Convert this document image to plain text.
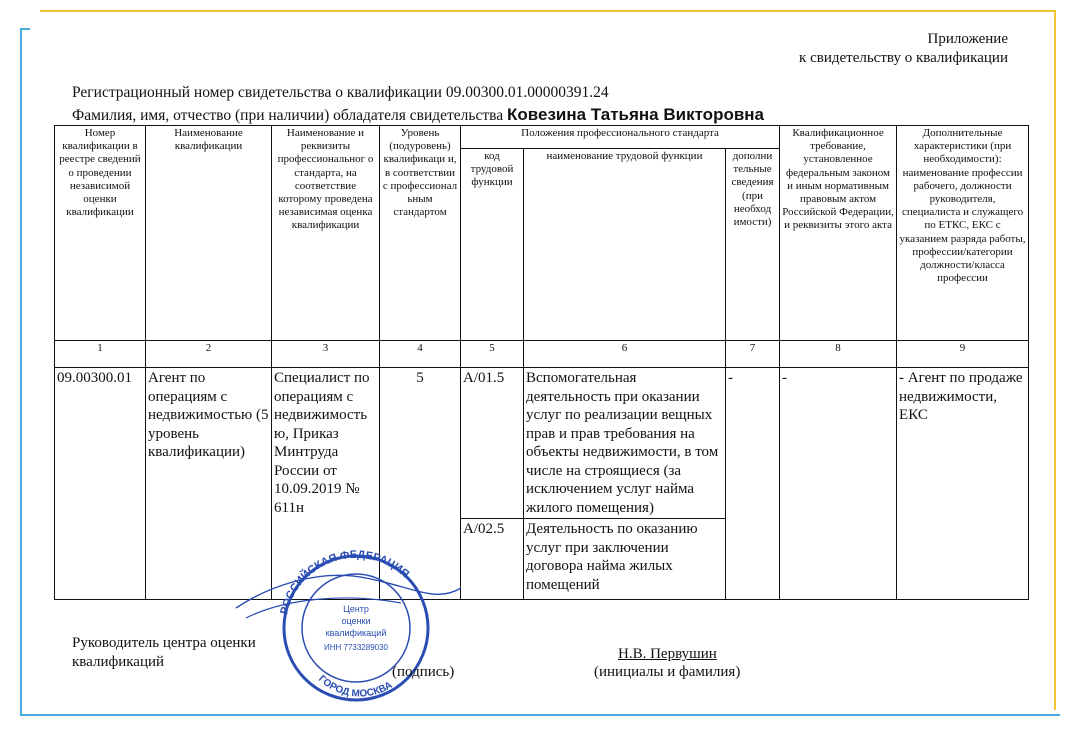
Приложение
к свидетельству о квалификации
Регистрационный номер свидетельства о квалификации 09.00300.01.00000391.24
Фамилия, имя, отчество (при наличии) обладателя свидетельства Ковезина Татьяна Викторовна
Номер квалификации в реестре сведений о проведении независимой оценки квалификации	Наименование квалификации	Наименование и реквизиты профессиональног о стандарта, на соответствие которому проведена независимая оценка квалификации	Уровень (подуровень) квалификаци и, в соответствии с профессионал ьным стандартом	Положения профессионального стандарта			Квалификационное требование, установленное федеральным законом и иным нормативным правовым актом Российской Федерации, и реквизиты этого акта	Дополнительные характеристики (при необходимости): наименование профессии рабочего, должности руководителя, специалиста и служащего по ЕТКС, ЕКС с указанием разряда работы, профессии/категории должности/класса профессии
				код трудовой функции	наименование трудовой функции	дополни тельные сведения (при необход имости)		
1	2	3	4	5	6	7	8	9
09.00300.01	Агент по операциям с недвижимостью (5 уровень квалификации)	Специалист по операциям с недвижимость ю, Приказ Минтруда России от 10.09.2019 № 611н	5	А/01.5	Вспомогательная деятельность при оказании услуг по реализации вещных прав и прав требования на объекты недвижимости, в том числе на строящиеся (за исключением услуг найма жилого помещения)	-	-	- Агент по продаже недвижимости, ЕКС
				А/02.5	Деятельность по оказанию услуг при заключении договора найма жилых помещений			
Руководитель центра оценки квалификаций
РОССИЙСКАЯ ФЕДЕРАЦИЯ
ГОРОД МОСКВА
Центр
оценки
квалификаций
ИНН 7733289030
(подпись)
Н.В. Первушин
(инициалы и фамилия)
